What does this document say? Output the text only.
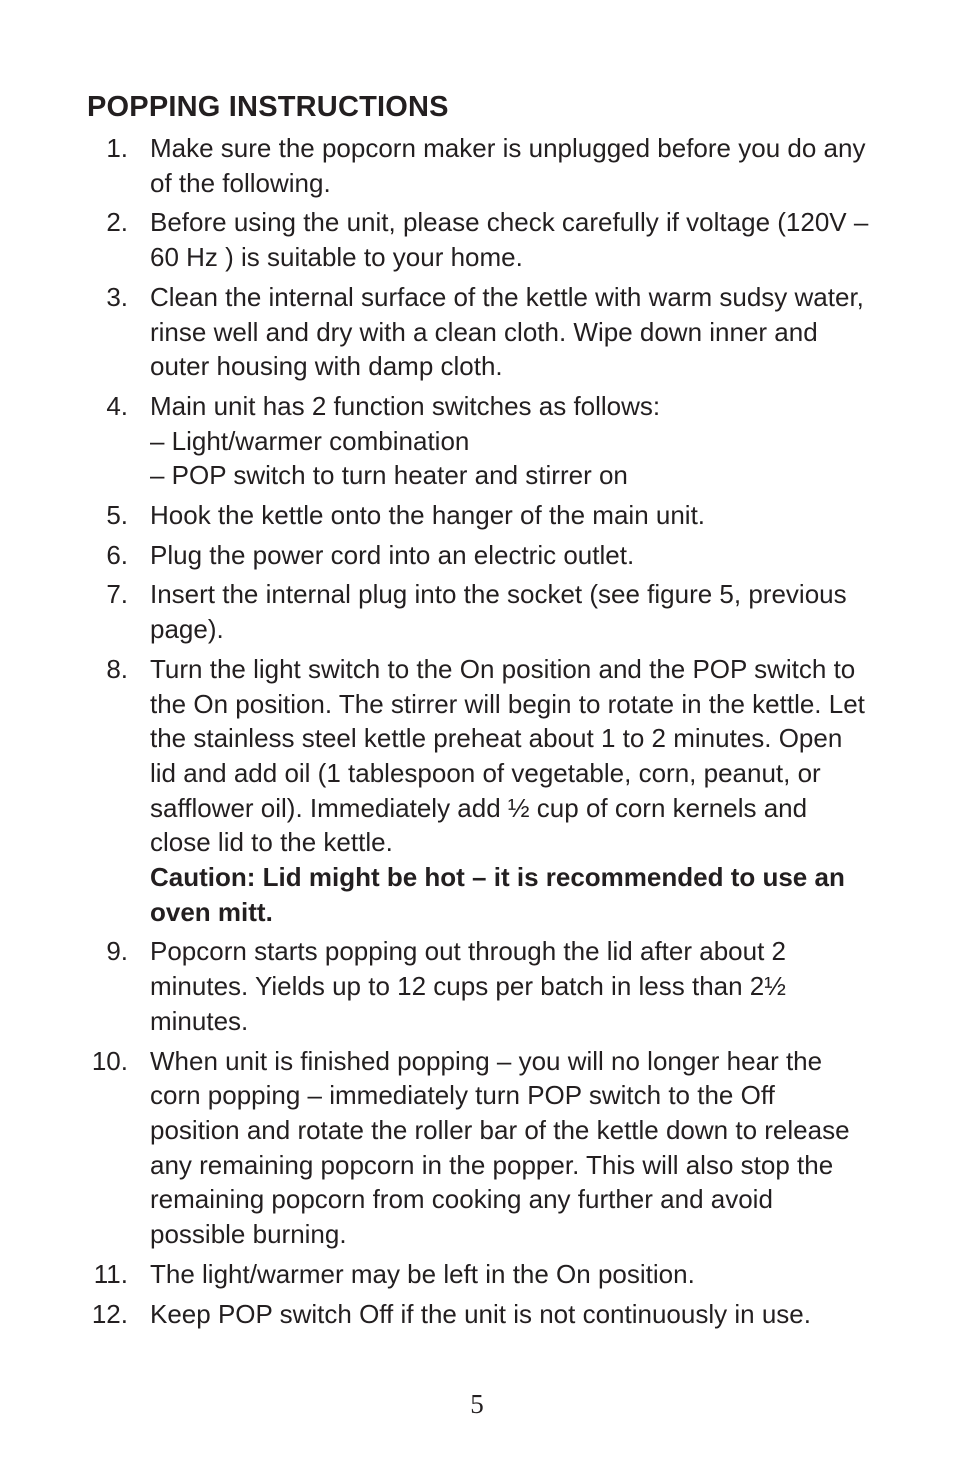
POPPING INSTRUCTIONS
1. Make sure the popcorn maker is unplugged before you do any of the following.

2. Before using the unit, please check carefully if voltage (120V – 60 Hz ) is suitable to your home.

3. Clean the internal surface of the kettle with warm sudsy water, rinse well and dry with a clean cloth. Wipe down inner and outer housing with damp cloth.

4. Main unit has 2 function switches as follows:

– Light/warmer combination

– POP switch to turn heater and stirrer on

5. Hook the kettle onto the hanger of the main unit.

6. Plug the power cord into an electric outlet.

7. Insert the internal plug into the socket (see figure 5, previous page).

8. Turn the light switch to the On position and the POP switch to the On position. The stirrer will begin to rotate in the kettle. Let the stainless steel kettle preheat about 1 to 2 minutes. Open lid and add oil (1 tablespoon of vegetable, corn, peanut, or safflower oil). Immediately add ½ cup of corn kernels and close lid to the kettle.

Caution: Lid might be hot – it is recommended to use an oven mitt.

9. Popcorn starts popping out through the lid after about 2 minutes. Yields up to 12 cups per batch in less than 2½ minutes.

10. When unit is finished popping – you will no longer hear the corn popping – immediately turn POP switch to the Off position and rotate the roller bar of the kettle down to release any remaining popcorn in the popper. This will also stop the remaining popcorn from cooking any further and avoid possible burning.

11. The light/warmer may be left in the On position.

12. Keep POP switch Off if the unit is not continuously in use.

5
